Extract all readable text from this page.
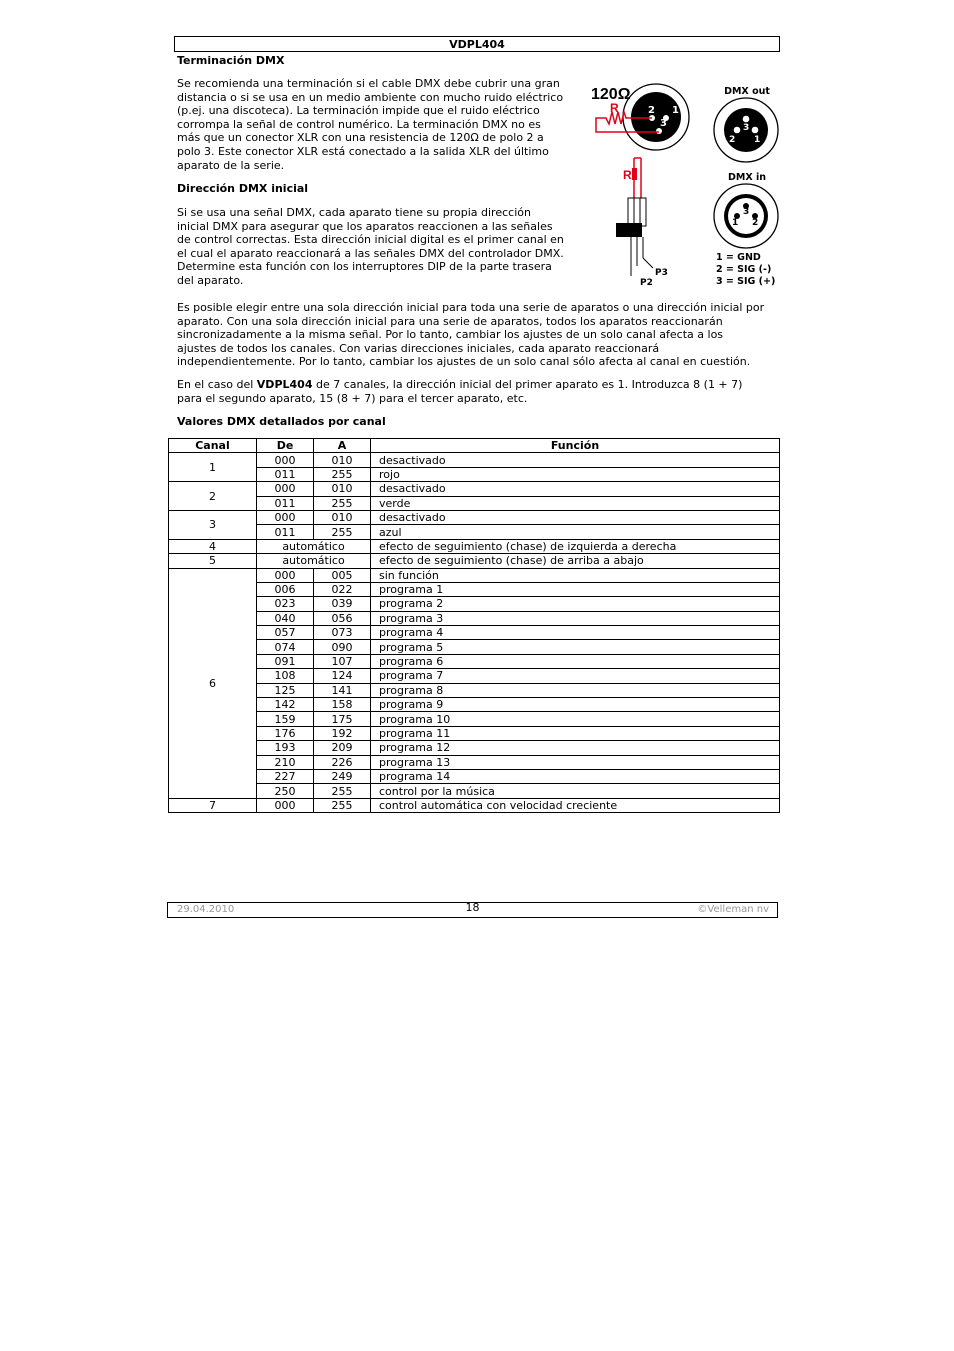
VDPL404
Terminación DMX
Se recomienda una terminación si el cable DMX debe cubrir una gran
distancia o si se usa en un medio ambiente con mucho ruido eléctrico
(p.ej. una discoteca). La terminación impide que el ruido eléctrico
corrompa la señal de control numérico. La terminación DMX no es
más que un conector XLR con una resistencia de 120Ω de polo 2 a
polo 3. Este conector XLR está conectado a la salida XLR del último
aparato de la serie.
Dirección DMX inicial
Si se usa una señal DMX, cada aparato tiene su propia dirección
inicial DMX para asegurar que los aparatos reaccionen a las señales
de control correctas. Esta dirección inicial digital es el primer canal en
el cual el aparato reaccionará a las señales DMX del controlador DMX.
Determine esta función con los interruptores DIP de la parte trasera
del aparato.
120Ω
R	2 1
3
R
P3
P2
DMX out
3
2 1
DMX in
3
1 2
1 = GND
2 = SIG (-)
3 = SIG (+)
Es posible elegir entre una sola dirección inicial para toda una serie de aparatos o una dirección inicial por
aparato. Con una sola dirección inicial para una serie de aparatos, todos los aparatos reaccionarán
sincronizadamente a la misma señal. Por lo tanto, cambiar los ajustes de un solo canal afecta a los
ajustes de todos los canales. Con varias direcciones iniciales, cada aparato reaccionará
independientemente. Por lo tanto, cambiar los ajustes de un solo canal sólo afecta al canal en cuestión.
En el caso del VDPL404 de 7 canales, la dirección inicial del primer aparato es 1. Introduzca 8 (1 + 7)
para el segundo aparato, 15 (8 + 7) para el tercer aparato, etc.
Valores DMX detallados por canal
Canal	De	A	Función
1	000	010	desactivado
	011	255	rojo
2	000	010	desactivado
	011	255	verde
3	000	010	desactivado
	011	255	azul
4	automático		efecto de seguimiento (chase) de izquierda a derecha
5	automático		efecto de seguimiento (chase) de arriba a abajo
6	000	005	sin función
	006	022	programa 1
	023	039	programa 2
	040	056	programa 3
	057	073	programa 4
	074	090	programa 5
	091	107	programa 6
	108	124	programa 7
	125	141	programa 8
	142	158	programa 9
	159	175	programa 10
	176	192	programa 11
	193	209	programa 12
	210	226	programa 13
	227	249	programa 14
	250	255	control por la música
7	000	255	control automática con velocidad creciente
29.04.2010	18	©Velleman nv
